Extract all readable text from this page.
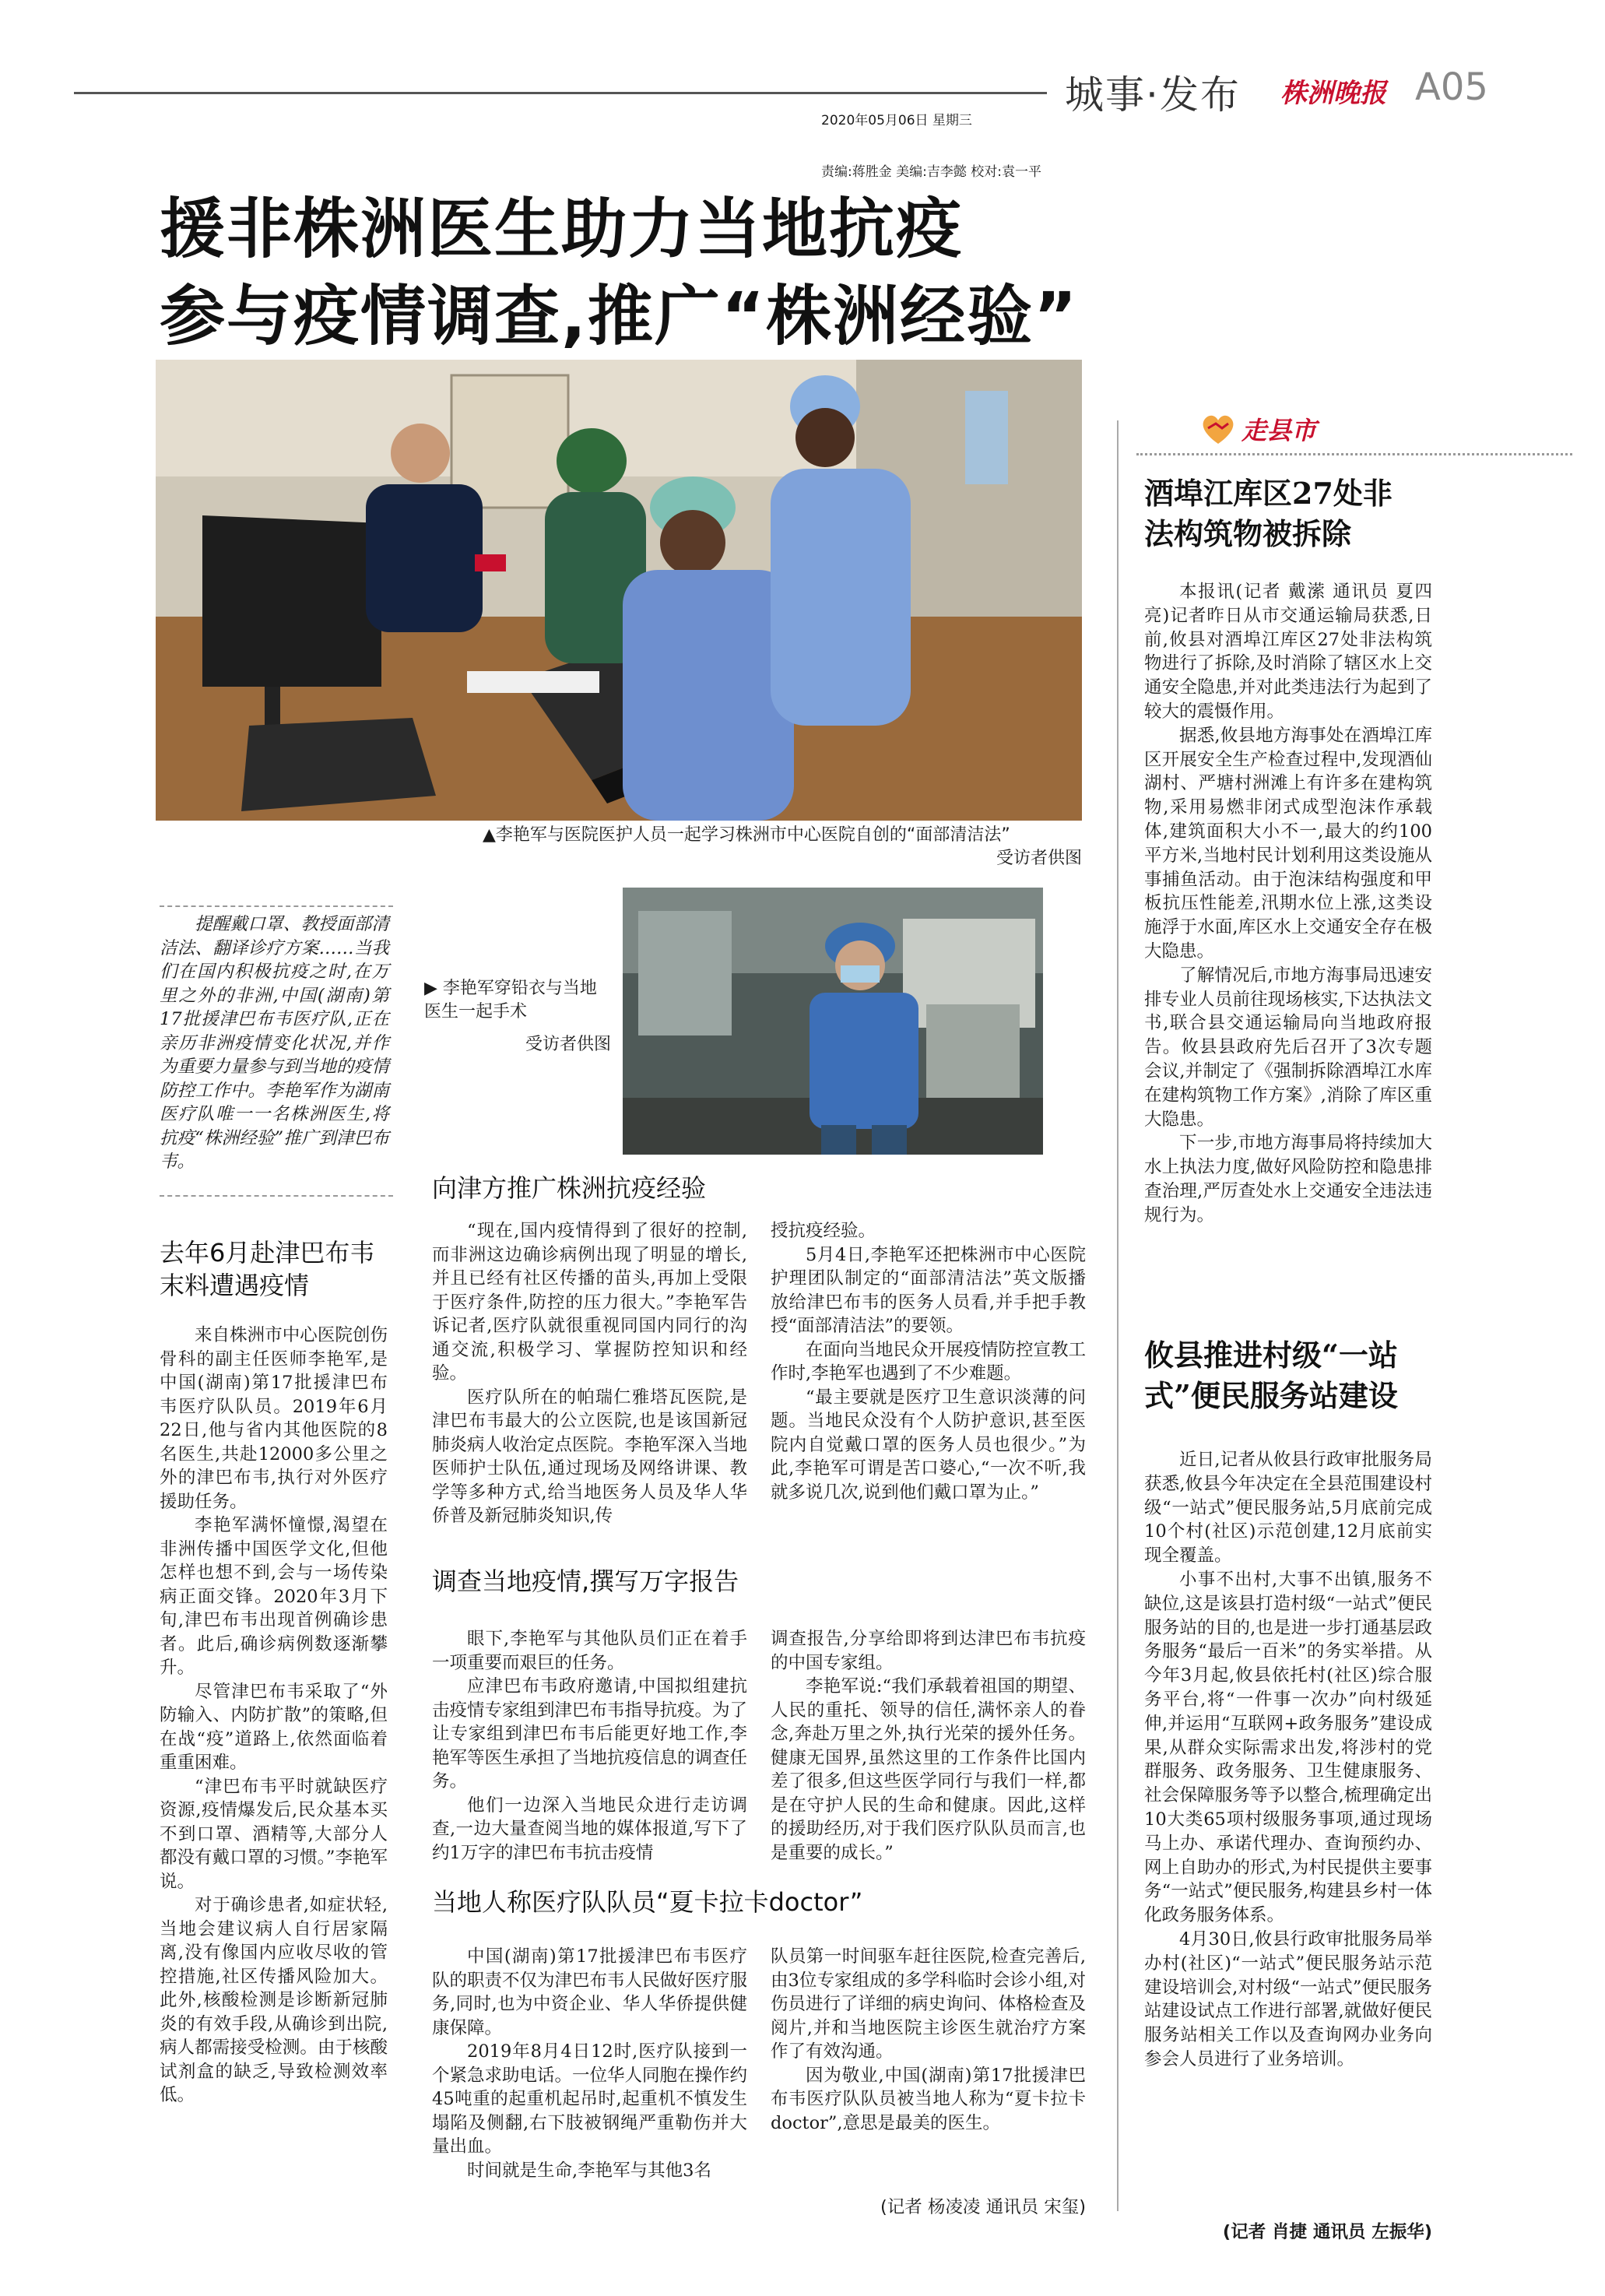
2020年05月06日 星期三

责编:蒋胜金 美编:吉李懿 校对:袁一平

城事·发布 株洲晚报 A05
援非株洲医生助力当地抗疫
参与疫情调查,推广“株洲经验”
▲李艳军与医院医护人员一起学习株洲市中心医院自创的“面部清洁法”
受访者供图
▶ 李艳军穿铅衣与当地医生一起手术
受访者供图
提醒戴口罩、教授面部清洁法、翻译诊疗方案……当我们在国内积极抗疫之时,在万里之外的非洲,中国(湖南)第17批援津巴布韦医疗队,正在亲历非洲疫情变化状况,并作为重要力量参与到当地的疫情防控工作中。李艳军作为湖南医疗队唯一一名株洲医生,将抗疫“株洲经验”推广到津巴布韦。
去年6月赴津巴布韦末料遭遇疫情

来自株洲市中心医院创伤骨科的副主任医师李艳军,是中国(湖南)第17批援津巴布韦医疗队队员。2019年6月22日,他与省内其他医院的8名医生,共赴12000多公里之外的津巴布韦,执行对外医疗援助任务。

李艳军满怀憧憬,渴望在非洲传播中国医学文化,但他怎样也想不到,会与一场传染病正面交锋。2020年3月下旬,津巴布韦出现首例确诊患者。此后,确诊病例数逐渐攀升。

尽管津巴布韦采取了“外防输入、内防扩散”的策略,但在战“疫”道路上,依然面临着重重困难。

“津巴布韦平时就缺医疗资源,疫情爆发后,民众基本买不到口罩、酒精等,大部分人都没有戴口罩的习惯。”李艳军说。

对于确诊患者,如症状轻,当地会建议病人自行居家隔离,没有像国内应收尽收的管控措施,社区传播风险加大。此外,核酸检测是诊断新冠肺炎的有效手段,从确诊到出院,病人都需接受检测。由于核酸试剂盒的缺乏,导致检测效率低。

向津方推广株洲抗疫经验

“现在,国内疫情得到了很好的控制,而非洲这边确诊病例出现了明显的增长,并且已经有社区传播的苗头,再加上受限于医疗条件,防控的压力很大。”李艳军告诉记者,医疗队就很重视同国内同行的沟通交流,积极学习、掌握防控知识和经验。

医疗队所在的帕瑞仁雅塔瓦医院,是津巴布韦最大的公立医院,也是该国新冠肺炎病人收治定点医院。李艳军深入当地医师护士队伍,通过现场及网络讲课、教学等多种方式,给当地医务人员及华人华侨普及新冠肺炎知识,传

授抗疫经验。

5月4日,李艳军还把株洲市中心医院护理团队制定的“面部清洁法”英文版播放给津巴布韦的医务人员看,并手把手教授“面部清洁法”的要领。

在面向当地民众开展疫情防控宣教工作时,李艳军也遇到了不少难题。

“最主要就是医疗卫生意识淡薄的问题。当地民众没有个人防护意识,甚至医院内自觉戴口罩的医务人员也很少。”为此,李艳军可谓是苦口婆心,“一次不听,我就多说几次,说到他们戴口罩为止。”

调查当地疫情,撰写万字报告

眼下,李艳军与其他队员们正在着手一项重要而艰巨的任务。

应津巴布韦政府邀请,中国拟组建抗击疫情专家组到津巴布韦指导抗疫。为了让专家组到津巴布韦后能更好地工作,李艳军等医生承担了当地抗疫信息的调查任务。

他们一边深入当地民众进行走访调查,一边大量查阅当地的媒体报道,写下了约1万字的津巴布韦抗击疫情

调查报告,分享给即将到达津巴布韦抗疫的中国专家组。

李艳军说:“我们承载着祖国的期望、人民的重托、领导的信任,满怀亲人的眷念,奔赴万里之外,执行光荣的援外任务。健康无国界,虽然这里的工作条件比国内差了很多,但这些医学同行与我们一样,都是在守护人民的生命和健康。因此,这样的援助经历,对于我们医疗队队员而言,也是重要的成长。”

当地人称医疗队队员“夏卡拉卡doctor”

中国(湖南)第17批援津巴布韦医疗队的职责不仅为津巴布韦人民做好医疗服务,同时,也为中资企业、华人华侨提供健康保障。

2019年8月4日12时,医疗队接到一个紧急求助电话。一位华人同胞在操作约45吨重的起重机起吊时,起重机不慎发生塌陷及侧翻,右下肢被钢绳严重勒伤并大量出血。

时间就是生命,李艳军与其他3名

队员第一时间驱车赶往医院,检查完善后,由3位专家组成的多学科临时会诊小组,对伤员进行了详细的病史询问、体格检查及阅片,并和当地医院主诊医生就治疗方案作了有效沟通。

因为敬业,中国(湖南)第17批援津巴布韦医疗队队员被当地人称为“夏卡拉卡doctor”,意思是最美的医生。

(记者 杨凌凌 通讯员 宋玺)
走县市
酒埠江库区27处非
法构筑物被拆除

本报讯(记者 戴潆 通讯员 夏四亮)记者昨日从市交通运输局获悉,日前,攸县对酒埠江库区27处非法构筑物进行了拆除,及时消除了辖区水上交通安全隐患,并对此类违法行为起到了较大的震慑作用。

据悉,攸县地方海事处在酒埠江库区开展安全生产检查过程中,发现酒仙湖村、严塘村洲滩上有许多在建构筑物,采用易燃非闭式成型泡沫作承载体,建筑面积大小不一,最大的约100平方米,当地村民计划利用这类设施从事捕鱼活动。由于泡沫结构强度和甲板抗压性能差,汛期水位上涨,这类设施浮于水面,库区水上交通安全存在极大隐患。

了解情况后,市地方海事局迅速安排专业人员前往现场核实,下达执法文书,联合县交通运输局向当地政府报告。攸县县政府先后召开了3次专题会议,并制定了《强制拆除酒埠江水库在建构筑物工作方案》,消除了库区重大隐患。

下一步,市地方海事局将持续加大水上执法力度,做好风险防控和隐患排查治理,严厉查处水上交通安全违法违规行为。

攸县推进村级“一站
式”便民服务站建设

近日,记者从攸县行政审批服务局获悉,攸县今年决定在全县范围建设村级“一站式”便民服务站,5月底前完成10个村(社区)示范创建,12月底前实现全覆盖。

小事不出村,大事不出镇,服务不缺位,这是该县打造村级“一站式”便民服务站的目的,也是进一步打通基层政务服务“最后一百米”的务实举措。从今年3月起,攸县依托村(社区)综合服务平台,将“一件事一次办”向村级延伸,并运用“互联网+政务服务”建设成果,从群众实际需求出发,将涉村的党群服务、政务服务、卫生健康服务、社会保障服务等予以整合,梳理确定出10大类65项村级服务事项,通过现场马上办、承诺代理办、查询预约办、网上自助办的形式,为村民提供主要事务“一站式”便民服务,构建县乡村一体化政务服务体系。

4月30日,攸县行政审批服务局举办村(社区)“一站式”便民服务站示范建设培训会,对村级“一站式”便民服务站建设试点工作进行部署,就做好便民服务站相关工作以及查询网办业务向参会人员进行了业务培训。

(记者 肖捷 通讯员 左振华)
